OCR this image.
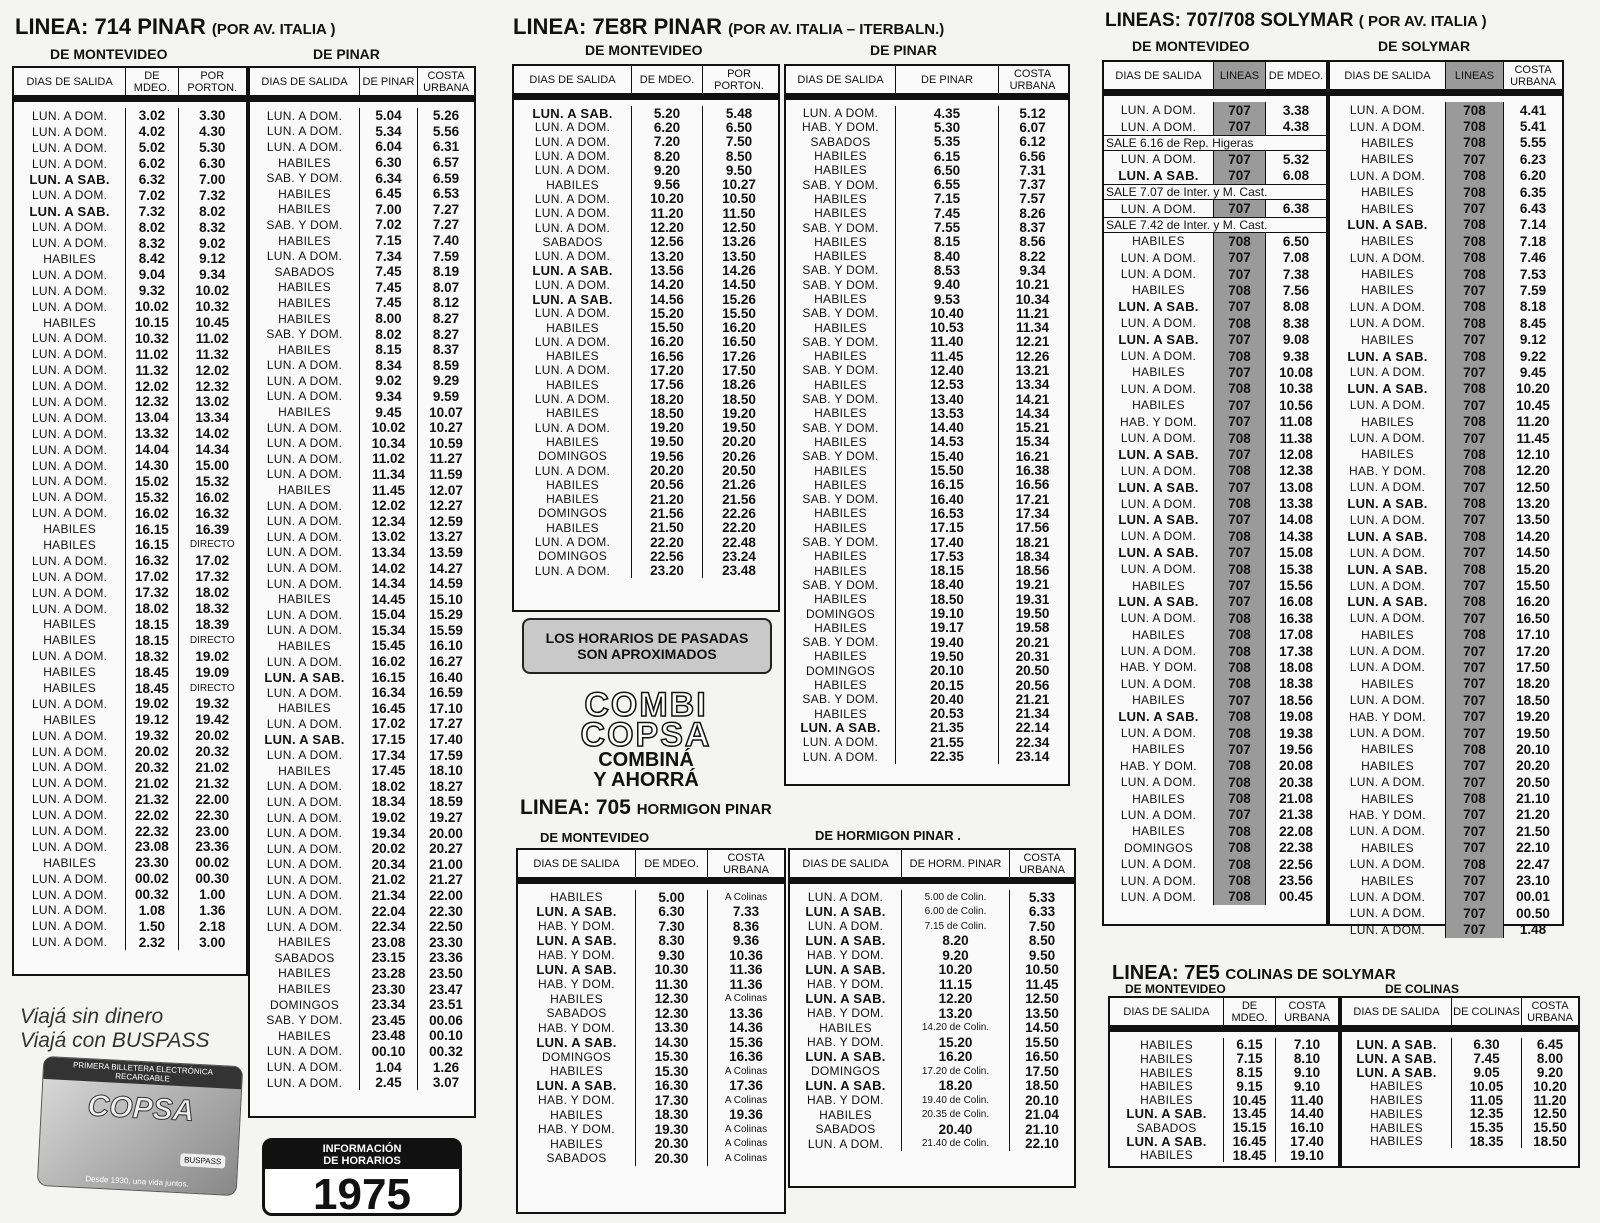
LINEA: 714 PINAR (POR AV. ITALIA )
DE MONTEVIDEO	DE PINAR
DIAS DE SALIDA	DE MDEO.
POR PORTON.
LUN. A DOM.	3.02	3.30
LUN. A DOM.	4.02	4.30
LUN. A DOM.	5.02	5.30
LUN. A DOM.	6.02	6.30
LUN. A SAB.	6.32	7.00
LUN. A DOM.	7.02	7.32
LUN. A SAB.	7.32	8.02
LUN. A DOM.	8.02	8.32
LUN. A DOM.	8.32	9.02
HABILES	8.42	9.12
LUN. A DOM.	9.04	9.34
LUN. A DOM.	9.32	10.02
LUN. A DOM.	10.02	10.32
HABILES	10.15	10.45
LUN. A DOM.	10.32	11.02
LUN. A DOM.	11.02	11.32
LUN. A DOM.	11.32	12.02
LUN. A DOM.	12.02	12.32
LUN. A DOM.	12.32	13.02
LUN. A DOM.	13.04	13.34
LUN. A DOM.	13.32	14.02
LUN. A DOM.	14.04	14.34
LUN. A DOM.	14.30	15.00
LUN. A DOM.	15.02	15.32
LUN. A DOM.	15.32	16.02
LUN. A DOM.	16.02	16.32
HABILES	16.15	16.39
HABILES	16.15	DIRECTO
LUN. A DOM.	16.32	17.02
LUN. A DOM.	17.02	17.32
LUN. A DOM.	17.32	18.02
LUN. A DOM.	18.02	18.32
HABILES	18.15	18.39
HABILES	18.15	DIRECTO
LUN. A DOM.	18.32	19.02
HABILES	18.45	19.09
HABILES	18.45	DIRECTO
LUN. A DOM.	19.02	19.32
HABILES	19.12	19.42
LUN. A DOM.	19.32	20.02
LUN. A DOM.	20.02	20.32
LUN. A DOM.	20.32	21.02
LUN. A DOM.	21.02	21.32
LUN. A DOM.	21.32	22.00
LUN. A DOM.	22.02	22.30
LUN. A DOM.	22.32	23.00
LUN. A DOM.	23.08	23.36
HABILES	23.30	00.02
LUN. A DOM.	00.02	00.30
LUN. A DOM.	00.32	1.00
LUN. A DOM.	1.08	1.36
LUN. A DOM.	1.50	2.18
LUN. A DOM.	2.32	3.00
DIAS DE SALIDA	DE PINAR	COSTA URBANA
LUN. A DOM.	5.04	5.26
LUN. A DOM.	5.34	5.56
LUN. A DOM.	6.04	6.31
HABILES	6.30	6.57
SAB. Y DOM.	6.34	6.59
HABILES	6.45	6.53
HABILES	7.00	7.27
SAB. Y DOM.	7.02	7.27
HABILES	7.15	7.40
LUN. A DOM.	7.34	7.59
SABADOS	7.45	8.19
HABILES	7.45	8.07
HABILES	7.45	8.12
HABILES	8.00	8.27
SAB. Y DOM.	8.02	8.27
HABILES	8.15	8.37
LUN. A DOM.	8.34	8.59
LUN. A DOM.	9.02	9.29
LUN. A DOM.	9.34	9.59
HABILES	9.45	10.07
LUN. A DOM.	10.02	10.27
LUN. A DOM.	10.34	10.59
LUN. A DOM.	11.02	11.27
LUN. A DOM.	11.34	11.59
HABILES	11.45	12.07
LUN. A DOM.	12.02	12.27
LUN. A DOM.	12.34	12.59
LUN. A DOM.	13.02	13.27
LUN. A DOM.	13.34	13.59
LUN. A DOM.	14.02	14.27
LUN. A DOM.	14.34	14.59
HABILES	14.45	15.10
LUN. A DOM.	15.04	15.29
LUN. A DOM.	15.34	15.59
HABILES	15.45	16.10
LUN. A DOM.	16.02	16.27
LUN. A SAB.	16.15	16.40
LUN. A DOM.	16.34	16.59
HABILES	16.45	17.10
LUN. A DOM.	17.02	17.27
LUN. A SAB.	17.15	17.40
LUN. A DOM.	17.34	17.59
HABILES	17.45	18.10
LUN. A DOM.	18.02	18.27
LUN. A DOM.	18.34	18.59
LUN. A DOM.	19.02	19.27
LUN. A DOM.	19.34	20.00
LUN. A DOM.	20.02	20.27
LUN. A DOM.	20.34	21.00
LUN. A DOM.	21.02	21.27
LUN. A DOM.	21.34	22.00
LUN. A DOM.	22.04	22.30
LUN. A DOM.	22.34	22.50
HABILES	23.08	23.30
SABADOS	23.15	23.36
HABILES	23.28	23.50
HABILES	23.30	23.47
DOMINGOS	23.34	23.51
SAB. Y DOM.	23.45	00.06
HABILES	23.48	00.10
LUN. A DOM.	00.10	00.32
LUN. A DOM.	1.04	1.26
LUN. A DOM.	2.45	3.07
LINEA: 7E8R PINAR (POR AV. ITALIA – ITERBALN.)
DE MONTEVIDEO	DE PINAR
DIAS DE SALIDA	DE MDEO.	POR PORTON.
LUN. A SAB.	5.20	5.48
LUN. A DOM.	6.20	6.50
LUN. A DOM.	7.20	7.50
LUN. A DOM.	8.20	8.50
LUN. A DOM.	9.20	9.50
HABILES	9.56	10.27
LUN. A DOM.	10.20	10.50
LUN. A DOM.	11.20	11.50
LUN. A DOM.	12.20	12.50
SABADOS	12.56	13.26
LUN. A DOM.	13.20	13.50
LUN. A SAB.	13.56	14.26
LUN. A DOM.	14.20	14.50
LUN. A SAB.	14.56	15.26
LUN. A DOM.	15.20	15.50
HABILES	15.50	16.20
LUN. A DOM.	16.20	16.50
HABILES	16.56	17.26
LUN. A DOM.	17.20	17.50
HABILES	17.56	18.26
LUN. A DOM.	18.20	18.50
HABILES	18.50	19.20
LUN. A DOM.	19.20	19.50
HABILES	19.50	20.20
DOMINGOS	19.56	20.26
LUN. A DOM.	20.20	20.50
HABILES	20.56	21.26
HABILES	21.20	21.56
DOMINGOS	21.56	22.26
HABILES	21.50	22.20
LUN. A DOM.	22.20	22.48
DOMINGOS	22.56	23.24
LUN. A DOM.	23.20	23.48
DIAS DE SALIDA	DE PINAR	COSTA URBANA
LUN. A DOM.	4.35	5.12
HAB. Y DOM.	5.30	6.07
SABADOS	5.35	6.12
HABILES	6.15	6.56
HABILES	6.50	7.31
SAB. Y DOM.	6.55	7.37
HABILES	7.15	7.57
HABILES	7.45	8.26
SAB. Y DOM.	7.55	8.37
HABILES	8.15	8.56
HABILES	8.40	8.22
SAB. Y DOM.	8.53	9.34
SAB. Y DOM.	9.40	10.21
HABILES	9.53	10.34
SAB. Y DOM.	10.40	11.21
HABILES	10.53	11.34
SAB. Y DOM.	11.40	12.21
HABILES	11.45	12.26
SAB. Y DOM.	12.40	13.21
HABILES	12.53	13.34
SAB. Y DOM.	13.40	14.21
HABILES	13.53	14.34
SAB. Y DOM.	14.40	15.21
HABILES	14.53	15.34
SAB. Y DOM.	15.40	16.21
HABILES	15.50	16.38
HABILES	16.15	16.56
SAB. Y DOM.	16.40	17.21
HABILES	16.53	17.34
HABILES	17.15	17.56
SAB. Y DOM.	17.40	18.21
HABILES	17.53	18.34
HABILES	18.15	18.56
SAB. Y DOM.	18.40	19.21
HABILES	18.50	19.31
DOMINGOS	19.10	19.50
HABILES	19.17	19.58
SAB. Y DOM.	19.40	20.21
HABILES	19.50	20.31
DOMINGOS	20.10	20.50
HABILES	20.15	20.56
SAB. Y DOM.	20.40	21.21
HABILES	20.53	21.34
LUN. A SAB.	21.35	22.14
LUN. A DOM.	21.55	22.34
LUN. A DOM.	22.35	23.14
LOS HORARIOS DE PASADAS
SON APROXIMADOS
COMBI
COPSA
COMBINÁ
Y AHORRÁ
LINEA: 705 HORMIGON PINAR
DE MONTEVIDEO	DE HORMIGON PINAR .
DIAS DE SALIDA	DE MDEO.	COSTA URBANA
HABILES	5.00	A Colinas
LUN. A SAB.	6.30	7.33
HAB. Y DOM.	7.30	8.36
LUN. A SAB.	8.30	9.36
HAB. Y DOM.	9.30	10.36
LUN. A SAB.	10.30	11.36
HAB. Y DOM.	11.30	11.36
HABILES	12.30	A Colinas
SABADOS	12.30	13.36
HAB. Y DOM.	13.30	14.36
LUN. A SAB.	14.30	15.36
DOMINGOS	15.30	16.36
HABILES	15.30	A Colinas
LUN. A SAB.	16.30	17.36
HAB. Y DOM.	17.30	A Colinas
HABILES	18.30	19.36
HAB. Y DOM.	19.30	A Colinas
HABILES	20.30	A Colinas
SABADOS	20.30	A Colinas
DIAS DE SALIDA	DE HORM. PINAR	COSTA URBANA
LUN. A DOM.	5.00 de Colin.	5.33
LUN. A SAB.	6.00 de Colin.	6.33
LUN. A DOM.	7.15 de Colin.	7.50
LUN. A SAB.	8.20	8.50
HAB. Y DOM.	9.20	9.50
LUN. A SAB.	10.20	10.50
HAB. Y DOM.	11.15	11.45
LUN. A SAB.	12.20	12.50
HAB. Y DOM.	13.20	13.50
HABILES	14.20 de Colin.	14.50
HAB. Y DOM.	15.20	15.50
LUN. A SAB.	16.20	16.50
DOMINGOS	17.20 de Colin.	17.50
LUN. A SAB.	18.20	18.50
HAB. Y DOM.	19.40 de Colin.	20.10
HABILES	20.35 de Colin.	21.04
SABADOS	20.40	21.10
LUN. A DOM.	21.40 de Colin.	22.10
LINEAS: 707/708 SOLYMAR ( POR AV. ITALIA )
DE MONTEVIDEO	DE SOLYMAR
DIAS DE SALIDA	LINEAS DE MDEO.
LUN. A DOM.	707	3.38
LUN. A DOM.	707	4.38
SALE 6.16 de Rep. Higeras
LUN. A DOM.	707	5.32
LUN. A SAB.	707	6.08
SALE 7.07 de Inter. y M. Cast.
LUN. A DOM.	707	6.38
SALE 7.42 de Inter. y M. Cast.
HABILES	708	6.50
LUN. A DOM.	707	7.08
LUN. A DOM.	707	7.38
HABILES	708	7.56
LUN. A SAB.	707	8.08
LUN. A DOM.	708	8.38
LUN. A SAB.	707	9.08
LUN. A DOM.	708	9.38
HABILES	707	10.08
LUN. A DOM.	708	10.38
HABILES	707	10.56
HAB. Y DOM.	707	11.08
LUN. A DOM.	708	11.38
LUN. A SAB.	707	12.08
LUN. A DOM.	708	12.38
LUN. A SAB.	707	13.08
LUN. A DOM.	708	13.38
LUN. A SAB.	707	14.08
LUN. A DOM.	708	14.38
LUN. A SAB.	707	15.08
LUN. A DOM.	708	15.38
HABILES	707	15.56
LUN. A SAB.	707	16.08
LUN. A DOM.	708	16.38
HABILES	708	17.08
LUN. A DOM.	708	17.38
HAB. Y DOM.	708	18.08
LUN. A DOM.	708	18.38
HABILES	707	18.56
LUN. A SAB.	708	19.08
LUN. A DOM.	708	19.38
HABILES	707	19.56
HAB. Y DOM.	708	20.08
LUN. A DOM.	708	20.38
HABILES	708	21.08
LUN. A DOM.	707	21.38
HABILES	708	22.08
DOMINGOS	708	22.38
LUN. A DOM.	708	22.56
LUN. A DOM.	708	23.56
LUN. A DOM.	708	00.45
DIAS DE SALIDA	LINEAS	COSTA URBANA
LUN. A DOM.	708	4.41
LUN. A DOM.	708	5.41
HABILES	708	5.55
HABILES	707	6.23
LUN. A DOM.	708	6.20
HABILES	708	6.35
HABILES	707	6.43
LUN. A SAB.	708	7.14
HABILES	708	7.18
LUN. A DOM.	708	7.46
HABILES	708	7.53
HABILES	707	7.59
LUN. A DOM.	708	8.18
LUN. A DOM.	708	8.45
HABILES	707	9.12
LUN. A SAB.	708	9.22
LUN. A DOM.	707	9.45
LUN. A SAB.	708	10.20
LUN. A DOM.	707	10.45
HABILES	708	11.20
LUN. A DOM.	707	11.45
HABILES	708	12.10
HAB. Y DOM.	708	12.20
LUN. A DOM.	707	12.50
LUN. A SAB.	708	13.20
LUN. A DOM.	707	13.50
LUN. A SAB.	708	14.20
LUN. A DOM.	707	14.50
LUN. A SAB.	708	15.20
LUN. A DOM.	707	15.50
LUN. A SAB.	708	16.20
LUN. A DOM.	707	16.50
HABILES	708	17.10
LUN. A DOM.	707	17.20
LUN. A DOM.	707	17.50
HABILES	707	18.20
LUN. A DOM.	707	18.50
HAB. Y DOM.	707	19.20
LUN. A DOM.	707	19.50
HABILES	708	20.10
HABILES	707	20.20
LUN. A DOM.	707	20.50
HABILES	708	21.10
HAB. Y DOM.	707	21.20
LUN. A DOM.	707	21.50
HABILES	707	22.10
LUN. A DOM.	708	22.47
HABILES	707	23.10
LUN. A DOM.	707	00.01
LUN. A DOM.	707	00.50
LUN. A DOM.	707	1.48
LINEA: 7E5 COLINAS DE SOLYMAR
DE MONTEVIDEO	DE COLINAS
DIAS DE SALIDA	DE MDEO.
COSTA URBANA
HABILES	6.15	7.10
HABILES	7.15	8.10
HABILES	8.15	9.10
HABILES	9.15	9.10
HABILES	10.45	11.40
LUN. A SAB.	13.45	14.40
SABADOS	15.15	16.10
LUN. A SAB.	16.45	17.40
HABILES	18.45	19.10
DIAS DE SALIDA	DE COLINAS	COSTA URBANA
LUN. A SAB.	6.30	6.45
LUN. A SAB.	7.45	8.00
LUN. A SAB.	9.05	9.20
HABILES	10.05	10.20
HABILES	11.05	11.20
HABILES	12.35	12.50
HABILES	15.35	15.50
HABILES	18.35	18.50
Viajá sin dinero
Viajá con BUSPASS
PRIMERA BILLETERA ELECTRÓNICA RECARGABLE
COPSA
BUSPASS
Desde 1930, una vida juntos.
INFORMACIÓN
DE HORARIOS
1975
